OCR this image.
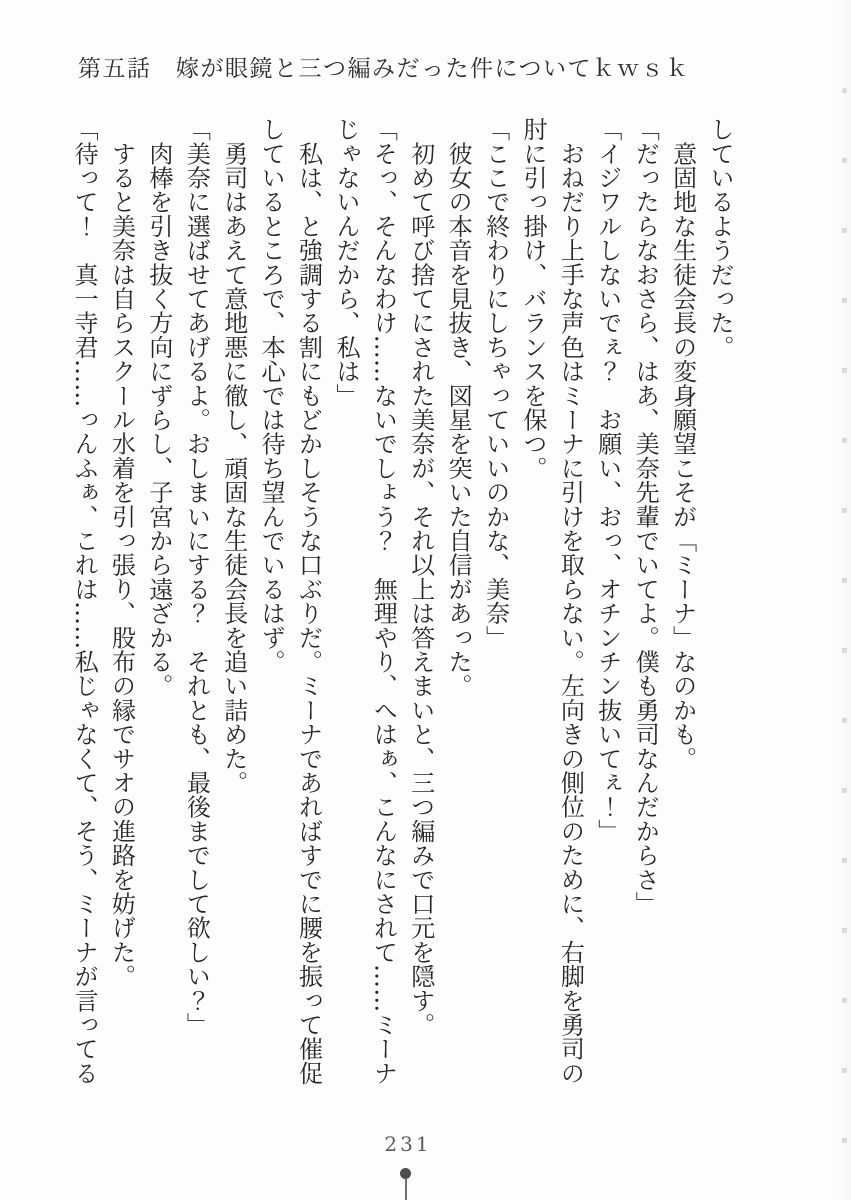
第五話　嫁が眼鏡と三つ編みだった件についてｋｗｓｋ
しているようだった。
　意固地な生徒会長の変身願望こそが「ミーナ」なのかも。
「だったらなおさら、はあ、美奈先輩でいてよ。僕も勇司なんだからさ」
「イジワルしないでぇ？　お願い、おっ、オチンチン抜いてぇ！」
　おねだり上手な声色はミーナに引けを取らない。左向きの側位のために、右脚を勇司の
肘に引っ掛け、バランスを保つ。
「ここで終わりにしちゃっていいのかな、美奈」
　彼女の本音を見抜き、図星を突いた自信があった。
　初めて呼び捨てにされた美奈が、それ以上は答えまいと、三つ編みで口元を隠す。
「そっ、そんなわけ……ないでしょう？　無理やり、へはぁ、こんなにされて……ミーナ
じゃないんだから、私は」
　私は、と強調する割にもどかしそうな口ぶりだ。ミーナであればすでに腰を振って催促
しているところで、本心では待ち望んでいるはず。
　勇司はあえて意地悪に徹し、頑固な生徒会長を追い詰めた。
「美奈に選ばせてあげるよ。おしまいにする？　それとも、最後までして欲しい？」
　肉棒を引き抜く方向にずらし、子宮から遠ざかる。
　すると美奈は自らスクール水着を引っ張り、股布の縁でサオの進路を妨げた。
「待って！　真一寺君……っんふぁ、これは……私じゃなくて、そう、ミーナが言ってる
231
